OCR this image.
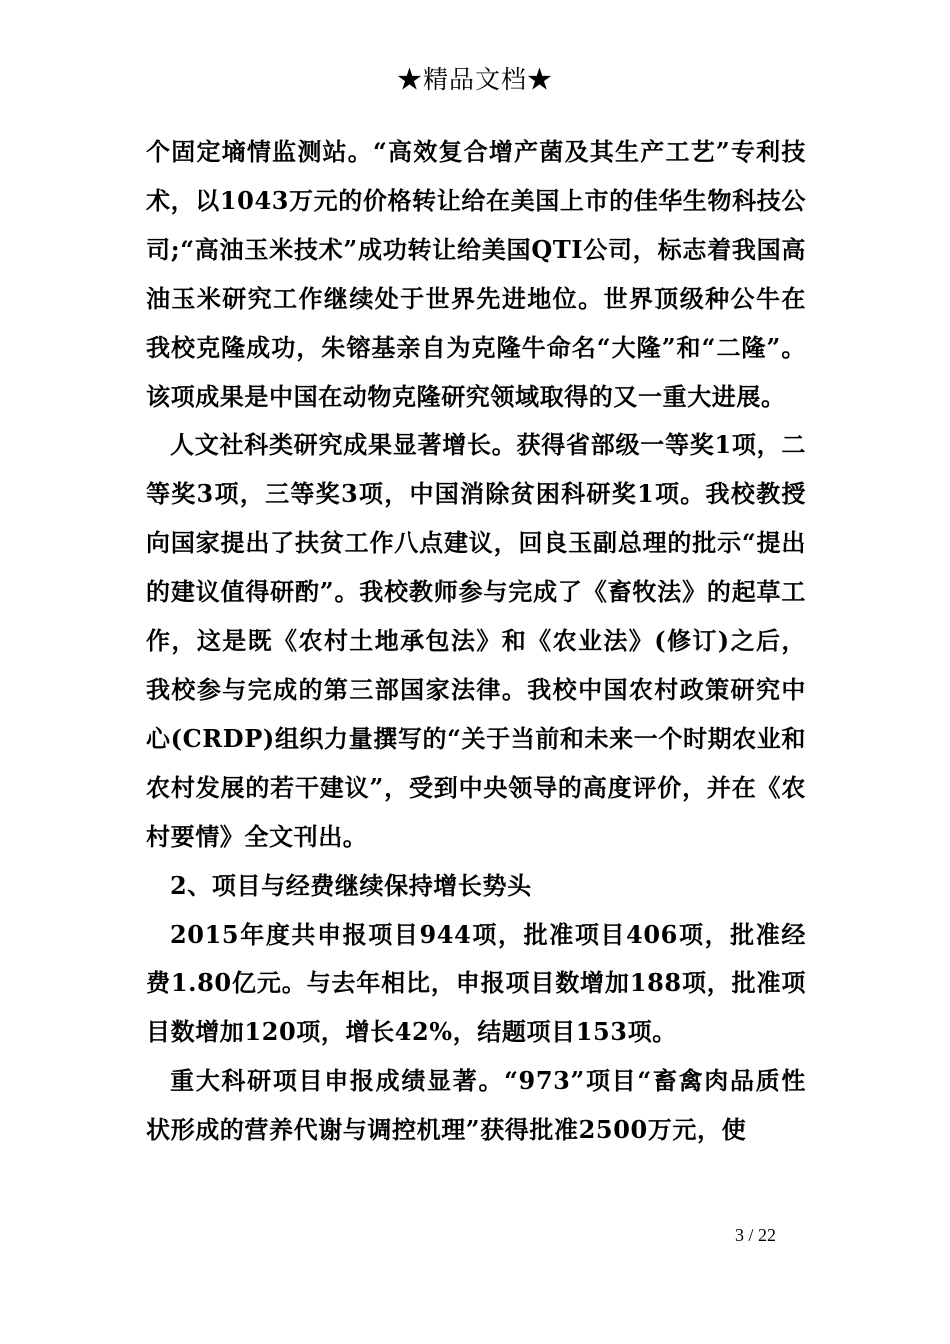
★精品文档★

个固定墒情监测站。“高效复合增产菌及其生产工艺”专利技术，以1043万元的价格转让给在美国上市的佳华生物科技公司;“高油玉米技术”成功转让给美国QTI公司，标志着我国高油玉米研究工作继续处于世界先进地位。世界顶级种公牛在我校克隆成功，朱镕基亲自为克隆牛命名“大隆”和“二隆”。该项成果是中国在动物克隆研究领域取得的又一重大进展。

人文社科类研究成果显著增长。获得省部级一等奖1项，二等奖3项，三等奖3项，中国消除贫困科研奖1项。我校教授向国家提出了扶贫工作八点建议，回良玉副总理的批示“提出的建议值得研酌”。我校教师参与完成了《畜牧法》的起草工作，这是既《农村土地承包法》和《农业法》(修订)之后，我校参与完成的第三部国家法律。我校中国农村政策研究中心(CRDP)组织力量撰写的“关于当前和未来一个时期农业和农村发展的若干建议”，受到中央领导的高度评价，并在《农村要情》全文刊出。

2、项目与经费继续保持增长势头

2015年度共申报项目944项，批准项目406项，批准经费1.80亿元。与去年相比，申报项目数增加188项，批准项目数增加120项，增长42%，结题项目153项。

重大科研项目申报成绩显著。“973”项目“畜禽肉品质性状形成的营养代谢与调控机理”获得批准2500万元，使

3 / 22
